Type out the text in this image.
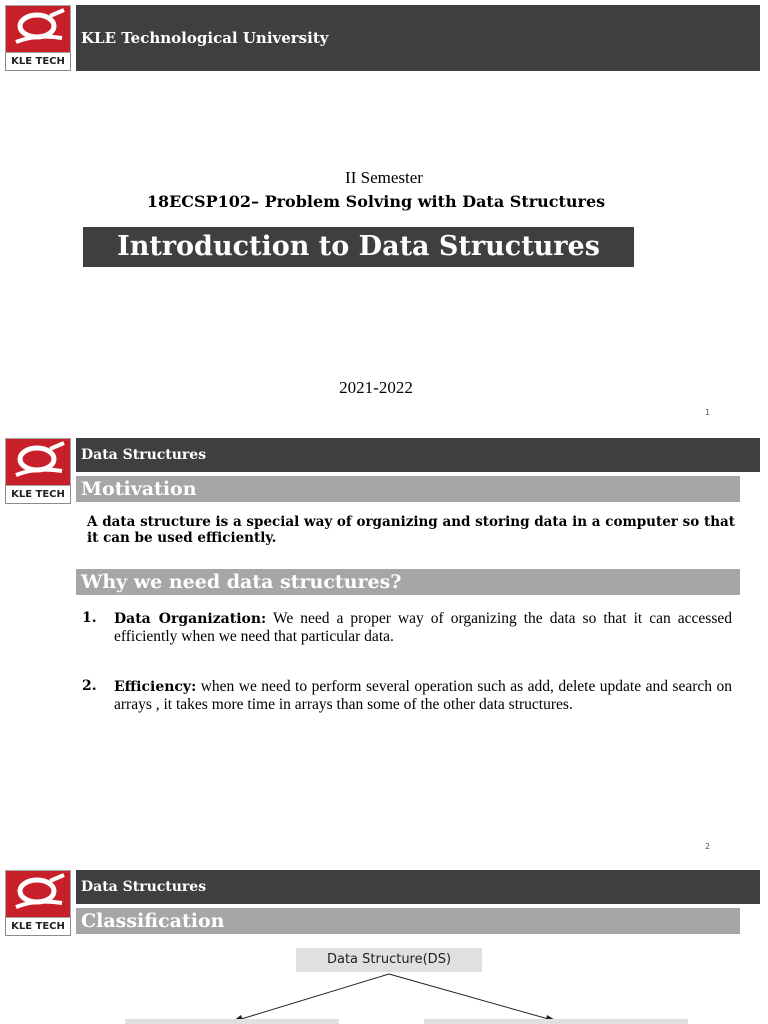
KLE TECH
KLE Technological University
II Semester
18ECSP102– Problem Solving with Data Structures
Introduction to Data Structures
2021-2022
1
KLE TECH
Data Structures
Motivation
A data structure is a special way of organizing and storing data in a computer so that it can be used efficiently.
Why we need data structures?
1. Data Organization: We need a proper way of organizing the data so that it can accessed efficiently when we need that particular data.
2. Efficiency: when we need to perform several operation such as add, delete update and search on arrays , it takes more time in arrays than some of the other data structures.
2
KLE TECH
Data Structures
Classification
Data Structure(DS)
